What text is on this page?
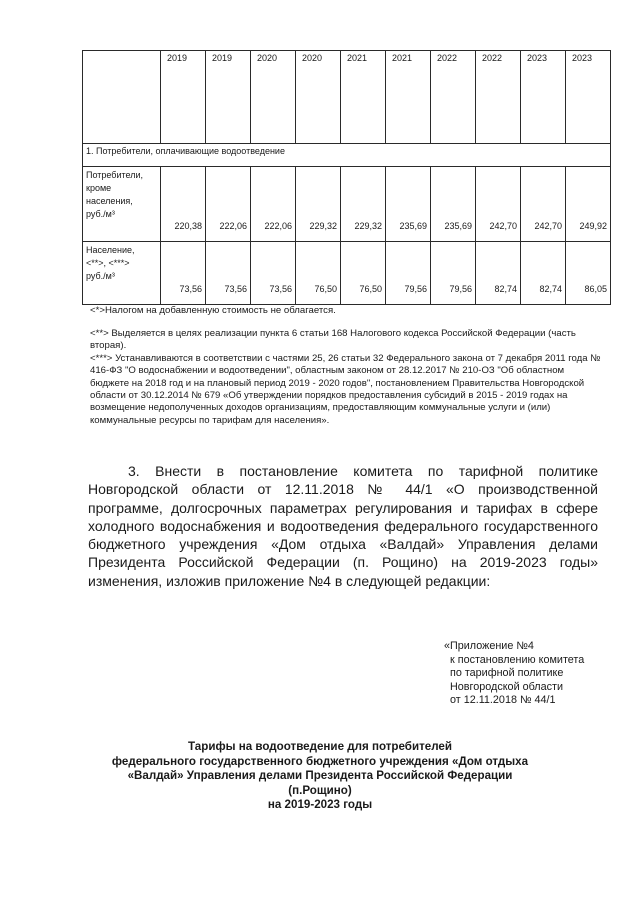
	2019	2019	2020	2020	2021	2021	2022	2022	2023	2023
1. Потребители, оплачивающие водоотведение										

Потребители,
кроме
населения,
руб./м³	220,38	222,06	222,06	229,32	229,32	235,69	235,69	242,70	242,70	249,92

Население,
<**>, <***>
руб./м³	73,56	73,56	73,56	76,50	76,50	79,56	79,56	82,74	82,74	86,05
<*>Налогом на добавленную стоимость не облагается.

<**> Выделяется в целях реализации пункта 6 статьи 168 Налогового кодекса Российской Федерации (часть вторая).

<***> Устанавливаются в соответствии с частями 25, 26 статьи 32 Федерального закона от 7 декабря 2011 года № 416-ФЗ "О водоснабжении и водоотведении", областным законом от 28.12.2017 № 210-ОЗ "Об областном бюджете на 2018 год и на плановый период 2019 - 2020 годов", постановлением Правительства Новгородской области от 30.12.2014 № 679 «Об утверждении порядков предоставления субсидий в 2015 - 2019 годах на возмещение недополученных доходов организациям, предоставляющим коммунальные услуги и (или) коммунальные ресурсы по тарифам для населения».

3. Внести в постановление комитета по тарифной политике Новгородской области от 12.11.2018 № 44/1 «О производственной программе, долгосрочных параметрах регулирования и тарифах в сфере холодного водоснабжения и водоотведения федерального государственного бюджетного учреждения «Дом отдыха «Валдай» Управления делами Президента Российской Федерации (п. Рощино) на 2019-2023 годы» изменения, изложив приложение №4 в следующей редакции:
«Приложение №4
к постановлению комитета
по тарифной политике
Новгородской области
от 12.11.2018 № 44/1
Тарифы на водоотведение для потребителей
федерального государственного бюджетного учреждения «Дом отдыха
«Валдай» Управления делами Президента Российской Федерации
(п.Рощино)
на 2019-2023 годы
